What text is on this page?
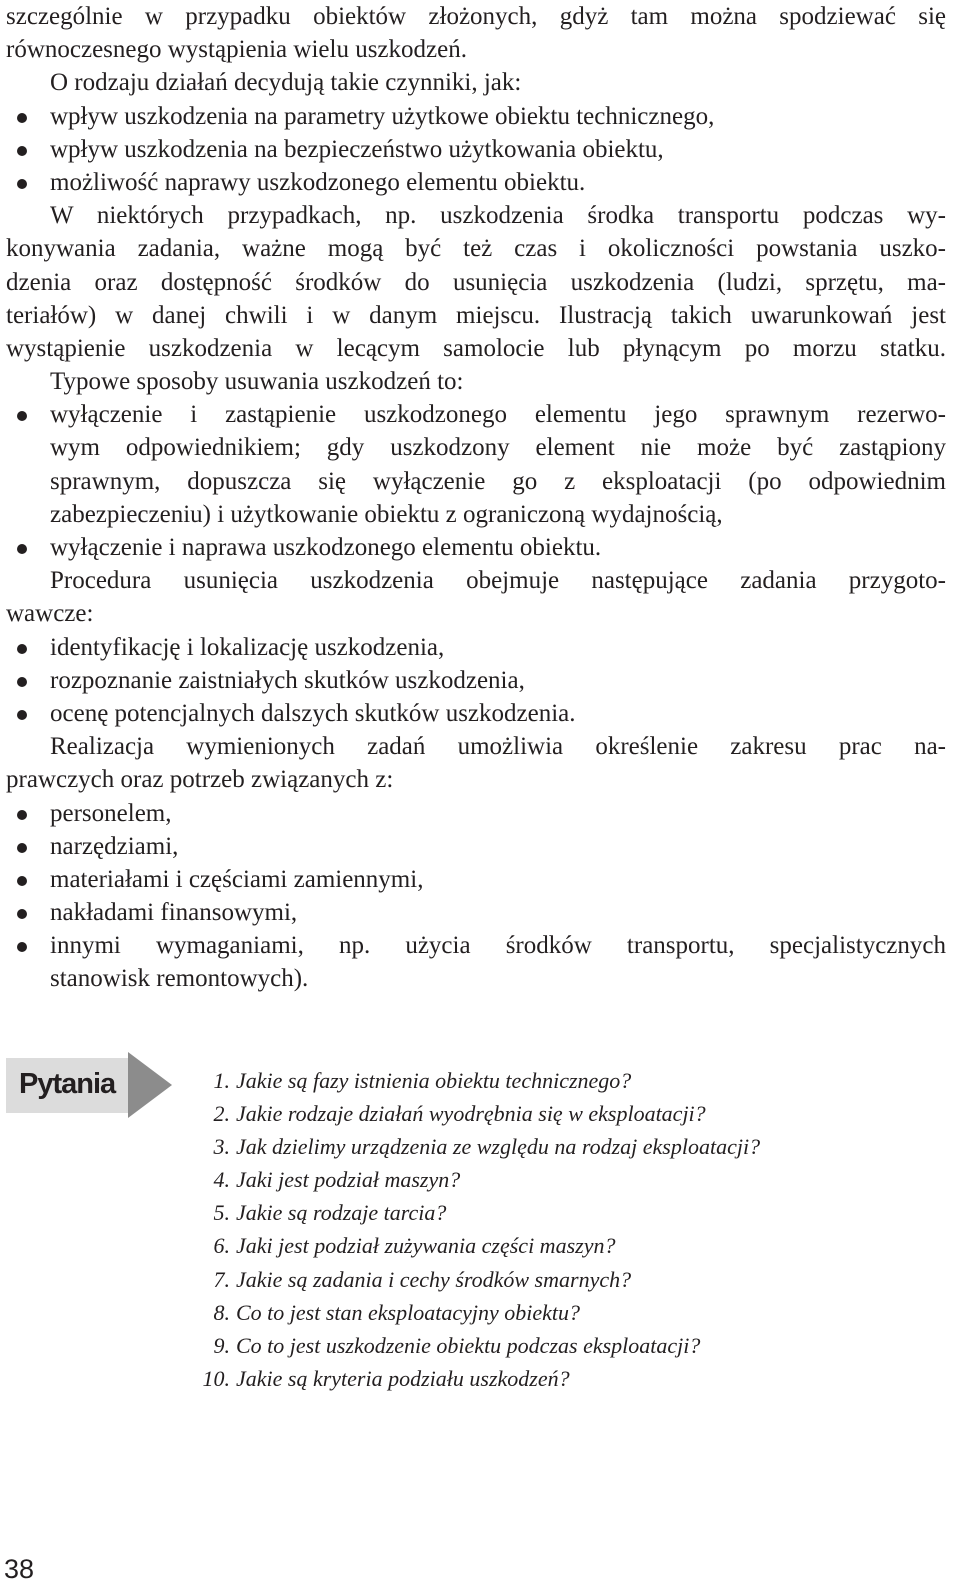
szczególnie w przypadku obiektów złożonych, gdyż tam można spodziewać się
równoczesnego wystąpienia wielu uszkodzeń.
O rodzaju działań decydują takie czynniki, jak:
wpływ uszkodzenia na parametry użytkowe obiektu technicznego,
wpływ uszkodzenia na bezpieczeństwo użytkowania obiektu,
możliwość naprawy uszkodzonego elementu obiektu.
W niektórych przypadkach, np. uszkodzenia środka transportu podczas wy-
konywania zadania, ważne mogą być też czas i okoliczności powstania uszko-
dzenia oraz dostępność środków do usunięcia uszkodzenia (ludzi, sprzętu, ma-
teriałów) w danej chwili i w danym miejscu. Ilustracją takich uwarunkowań jest
wystąpienie uszkodzenia w lecącym samolocie lub płynącym po morzu statku.
Typowe sposoby usuwania uszkodzeń to:
wyłączenie i zastąpienie uszkodzonego elementu jego sprawnym rezerwo-
wym odpowiednikiem; gdy uszkodzony element nie może być zastąpiony
sprawnym, dopuszcza się wyłączenie go z eksploatacji (po odpowiednim
zabezpieczeniu) i użytkowanie obiektu z ograniczoną wydajnością,
wyłączenie i naprawa uszkodzonego elementu obiektu.
Procedura usunięcia uszkodzenia obejmuje następujące zadania przygoto-
wawcze:
identyfikację i lokalizację uszkodzenia,
rozpoznanie zaistniałych skutków uszkodzenia,
ocenę potencjalnych dalszych skutków uszkodzenia.
Realizacja wymienionych zadań umożliwia określenie zakresu prac na-
prawczych oraz potrzeb związanych z:
personelem,
narzędziami,
materiałami i częściami zamiennymi,
nakładami finansowymi,
innymi wymaganiami, np. użycia środków transportu, specjalistycznych
stanowisk remontowych).
Pytania	1. Jakie są fazy istnienia obiektu technicznego?
2. Jakie rodzaje działań wyodrębnia się w eksploatacji?
3. Jak dzielimy urządzenia ze względu na rodzaj eksploatacji?
4. Jaki jest podział maszyn?
5. Jakie są rodzaje tarcia?
6. Jaki jest podział zużywania części maszyn?
7. Jakie są zadania i cechy środków smarnych?
8. Co to jest stan eksploatacyjny obiektu?
9. Co to jest uszkodzenie obiektu podczas eksploatacji?
10. Jakie są kryteria podziału uszkodzeń?
38
